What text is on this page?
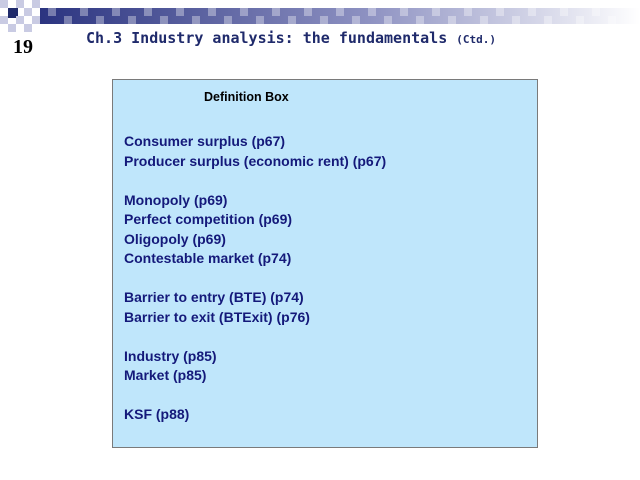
19	Ch.3 Industry analysis: the fundamentals (Ctd.)
Definition Box
Consumer surplus (p67)
Producer surplus (economic rent) (p67)
Monopoly (p69)
Perfect competition (p69)
Oligopoly (p69)
Contestable market (p74)
Barrier to entry (BTE) (p74)
Barrier to exit (BTExit) (p76)
Industry (p85)
Market (p85)
KSF (p88)
